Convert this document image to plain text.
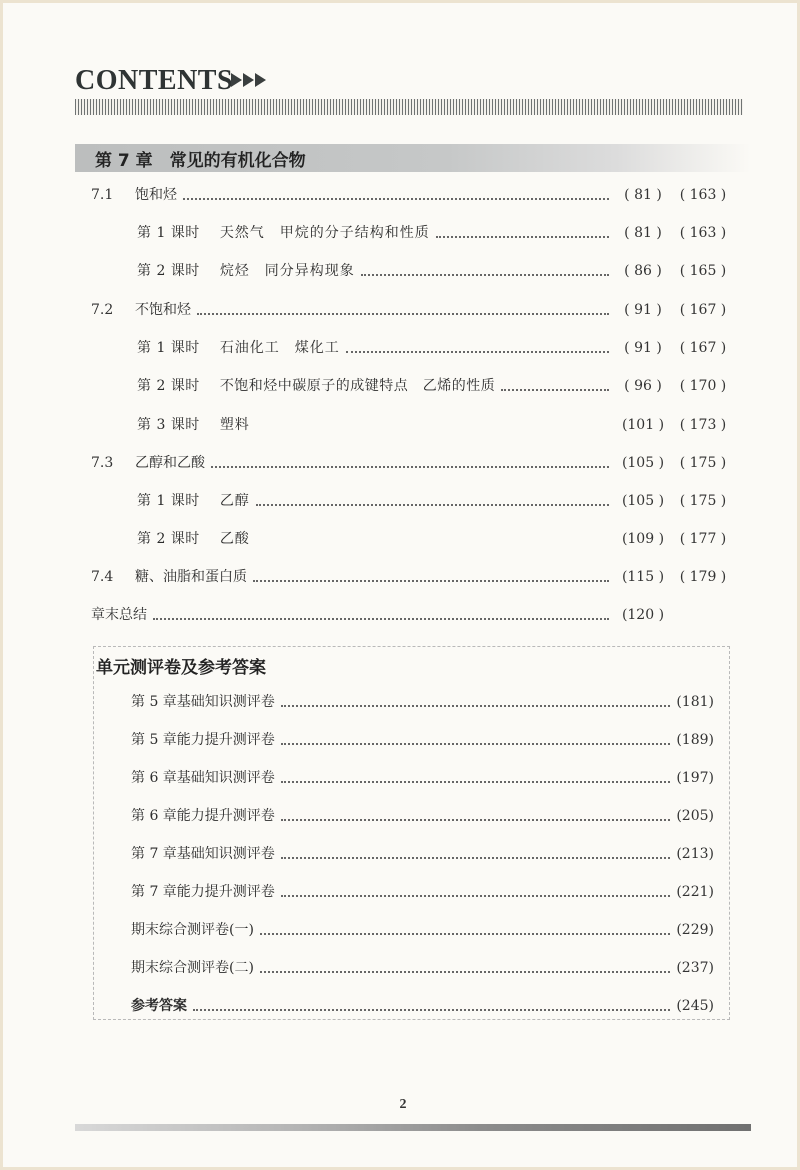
CONTENTS
第 7 章　常见的有机化合物
7.1	饱和烃	( 81 )	( 163 )
第 1 课时 天然气　甲烷的分子结构和性质	( 81 )	( 163 )
第 2 课时 烷烃　同分异构现象	( 86 )	( 165 )
7.2	不饱和烃	( 91 )	( 167 )
第 1 课时 石油化工　煤化工	( 91 )	( 167 )
第 2 课时 不饱和烃中碳原子的成键特点　乙烯的性质	( 96 )	( 170 )
第 3 课时 塑料	(101 )	( 173 )
7.3	乙醇和乙酸	(105 )	( 175 )
第 1 课时 乙醇	(105 )	( 175 )
第 2 课时 乙酸	(109 )	( 177 )
7.4	糖、油脂和蛋白质	(115 )	( 179 )
章末总结	(120 )
单元测评卷及参考答案
第 5 章基础知识测评卷	(181)
第 5 章能力提升测评卷	(189)
第 6 章基础知识测评卷	(197)
第 6 章能力提升测评卷	(205)
第 7 章基础知识测评卷	(213)
第 7 章能力提升测评卷	(221)
期末综合测评卷(一)	(229)
期末综合测评卷(二)	(237)
参考答案	(245)
2
